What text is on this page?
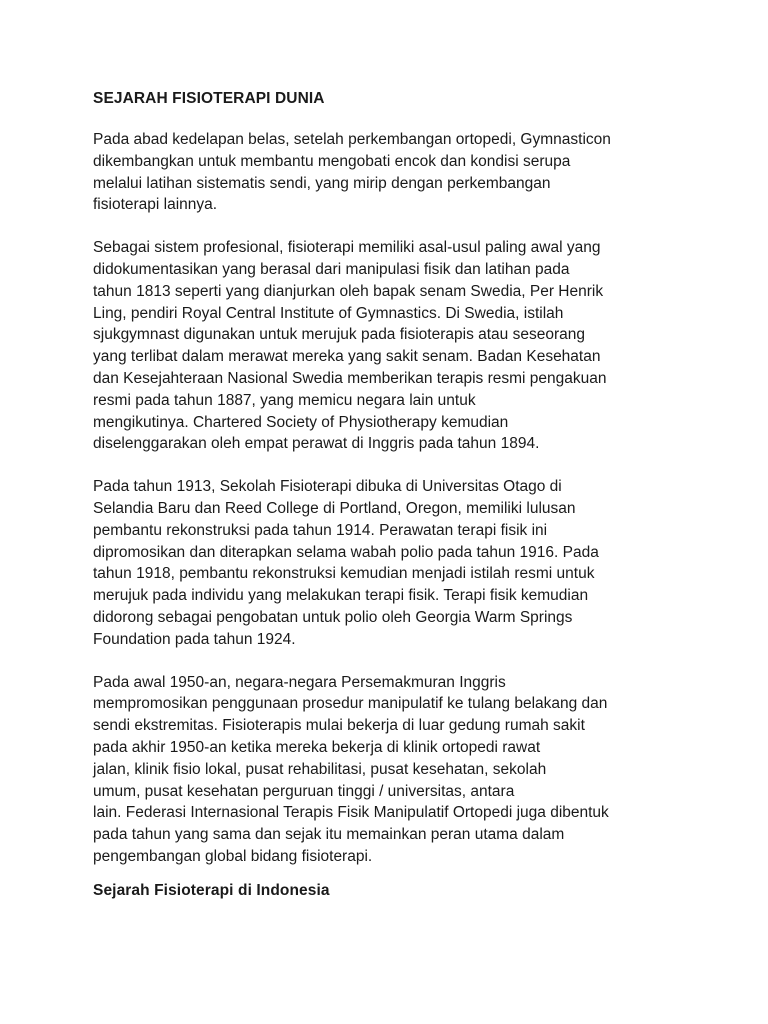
SEJARAH FISIOTERAPI DUNIA
Pada abad kedelapan belas, setelah perkembangan ortopedi, Gymnasticon
dikembangkan untuk membantu mengobati encok dan kondisi serupa
melalui latihan sistematis sendi, yang mirip dengan perkembangan
fisioterapi lainnya.
Sebagai sistem profesional, fisioterapi memiliki asal-usul paling awal yang
didokumentasikan yang berasal dari manipulasi fisik dan latihan pada
tahun 1813 seperti yang dianjurkan oleh bapak senam Swedia, Per Henrik
Ling, pendiri Royal Central Institute of Gymnastics. Di Swedia, istilah
sjukgymnast digunakan untuk merujuk pada fisioterapis atau seseorang
yang terlibat dalam merawat mereka yang sakit senam. Badan Kesehatan
dan Kesejahteraan Nasional Swedia memberikan terapis resmi pengakuan
resmi pada tahun 1887, yang memicu negara lain untuk
mengikutinya. Chartered Society of Physiotherapy kemudian
diselenggarakan oleh empat perawat di Inggris pada tahun 1894.
Pada tahun 1913, Sekolah Fisioterapi dibuka di Universitas Otago di
Selandia Baru dan Reed College di Portland, Oregon, memiliki lulusan
pembantu rekonstruksi pada tahun 1914. Perawatan terapi fisik ini
dipromosikan dan diterapkan selama wabah polio pada tahun 1916. Pada
tahun 1918, pembantu rekonstruksi kemudian menjadi istilah resmi untuk
merujuk pada individu yang melakukan terapi fisik. Terapi fisik kemudian
didorong sebagai pengobatan untuk polio oleh Georgia Warm Springs
Foundation pada tahun 1924.
Pada awal 1950-an, negara-negara Persemakmuran Inggris
mempromosikan penggunaan prosedur manipulatif ke tulang belakang dan
sendi ekstremitas. Fisioterapis mulai bekerja di luar gedung rumah sakit
pada akhir 1950-an ketika mereka bekerja di klinik ortopedi rawat
jalan, klinik fisio lokal, pusat rehabilitasi, pusat kesehatan, sekolah
umum, pusat kesehatan perguruan tinggi / universitas, antara
lain. Federasi Internasional Terapis Fisik Manipulatif Ortopedi juga dibentuk
pada tahun yang sama dan sejak itu memainkan peran utama dalam
pengembangan global bidang fisioterapi.
Sejarah Fisioterapi di Indonesia
